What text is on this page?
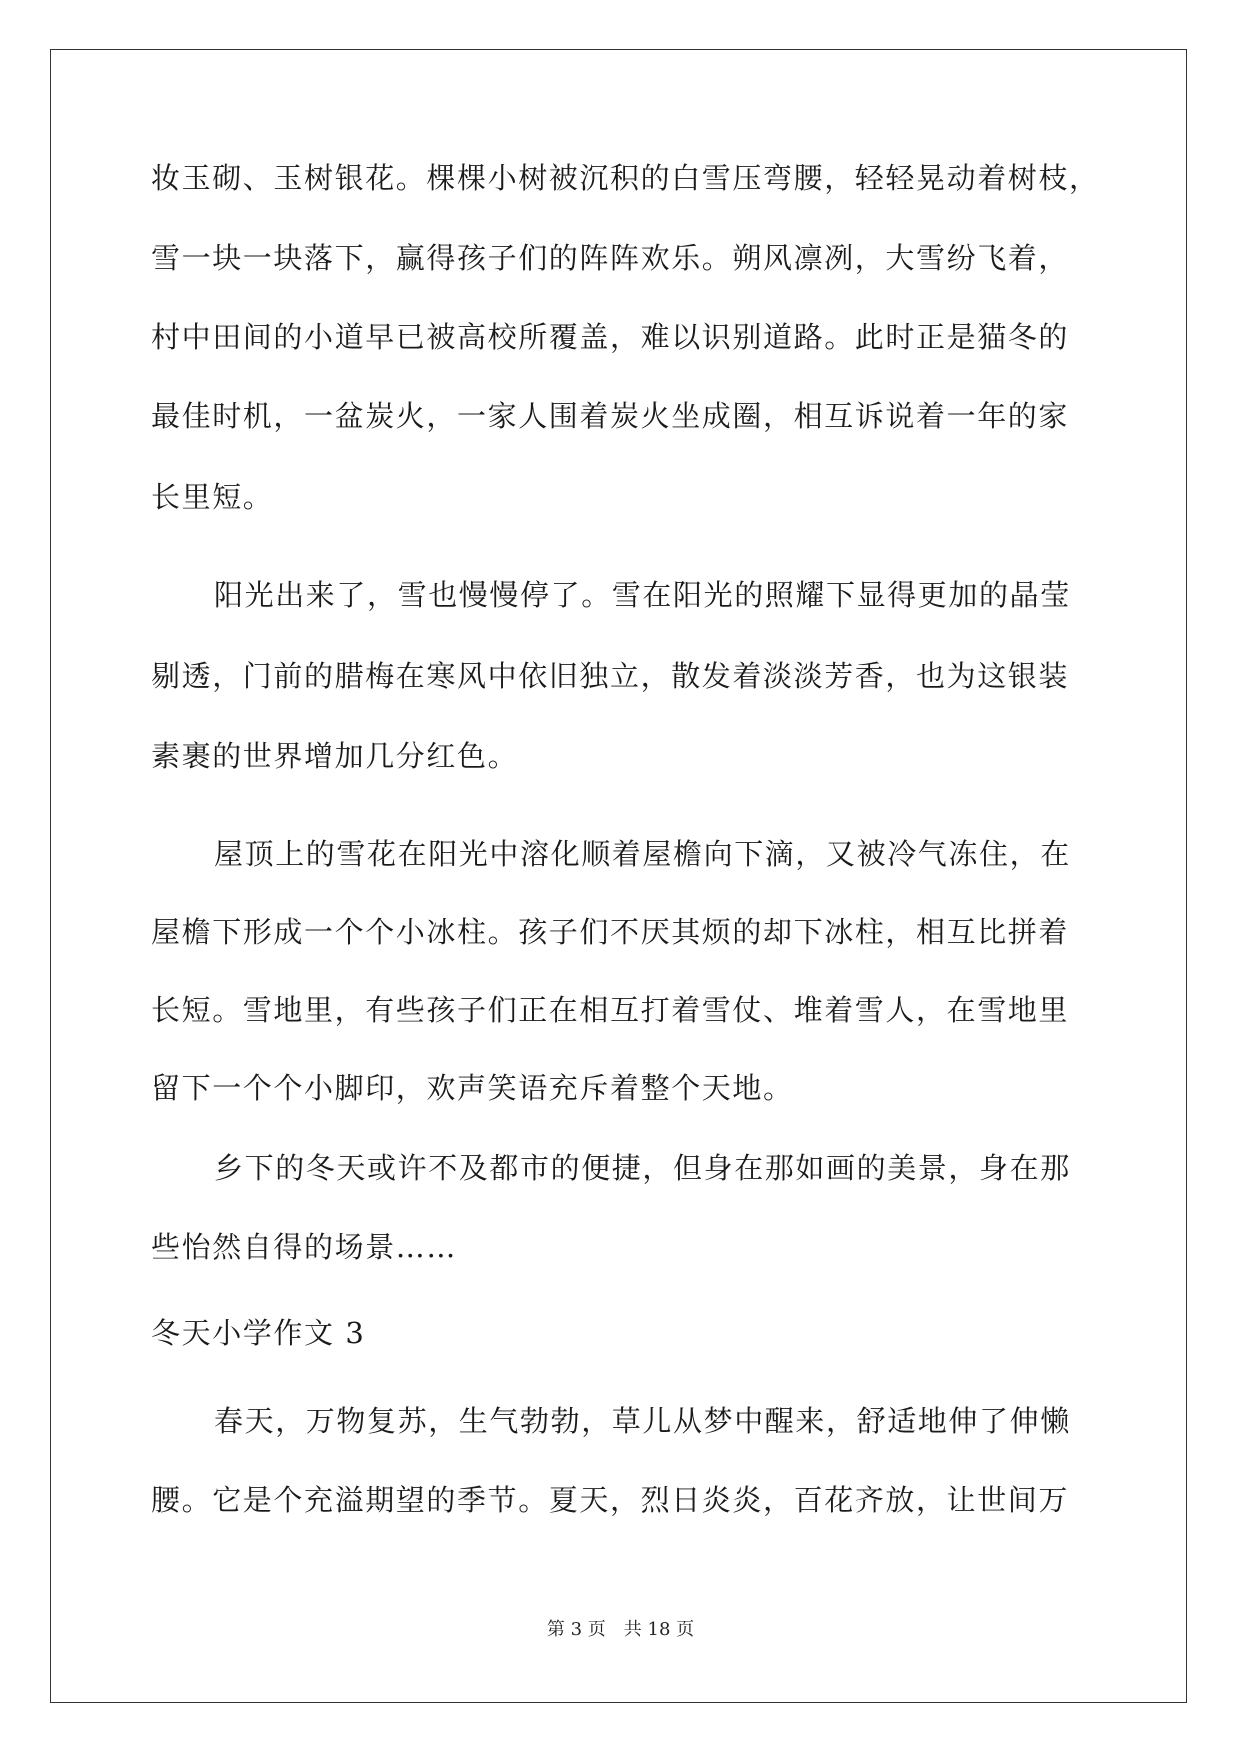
妆玉砌、玉树银花。棵棵小树被沉积的白雪压弯腰，轻轻晃动着树枝，
雪一块一块落下，赢得孩子们的阵阵欢乐。朔风凛冽，大雪纷飞着，
村中田间的小道早已被高校所覆盖，难以识别道路。此时正是猫冬的
最佳时机，一盆炭火，一家人围着炭火坐成圈，相互诉说着一年的家
长里短。
阳光出来了，雪也慢慢停了。雪在阳光的照耀下显得更加的晶莹
剔透，门前的腊梅在寒风中依旧独立，散发着淡淡芳香，也为这银装
素裹的世界增加几分红色。
屋顶上的雪花在阳光中溶化顺着屋檐向下滴，又被冷气冻住，在
屋檐下形成一个个小冰柱。孩子们不厌其烦的却下冰柱，相互比拼着
长短。雪地里，有些孩子们正在相互打着雪仗、堆着雪人，在雪地里
留下一个个小脚印，欢声笑语充斥着整个天地。
乡下的冬天或许不及都市的便捷，但身在那如画的美景，身在那
些怡然自得的场景……
冬天小学作文 3
春天，万物复苏，生气勃勃，草儿从梦中醒来，舒适地伸了伸懒
腰。它是个充溢期望的季节。夏天，烈日炎炎，百花齐放，让世间万
第 3 页 共 18 页
